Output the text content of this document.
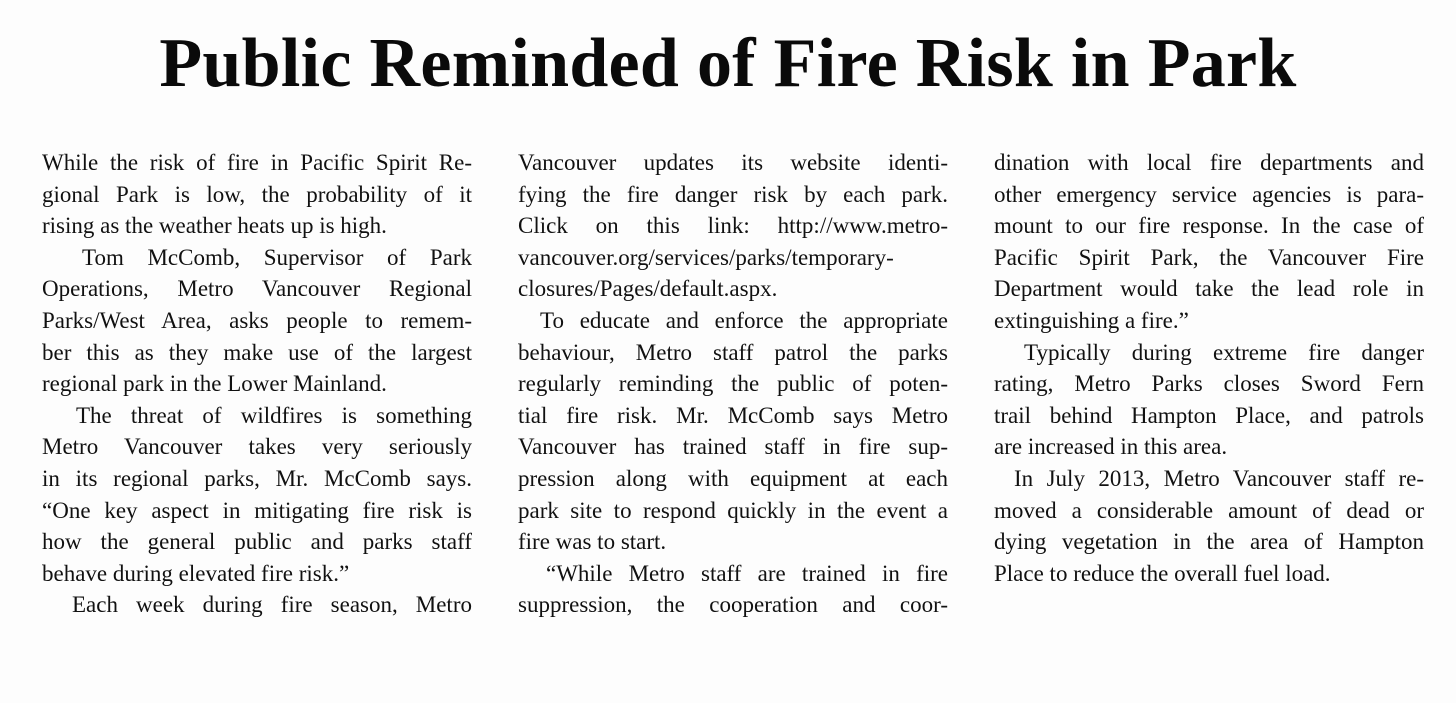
Public Reminded of Fire Risk in Park
While the risk of fire in Pacific Spirit Re-
gional Park is low, the probability of it
rising as the weather heats up is high.
Tom McComb, Supervisor of Park
Operations, Metro Vancouver Regional
Parks/West Area, asks people to remem-
ber this as they make use of the largest
regional park in the Lower Mainland.
The threat of wildfires is something
Metro Vancouver takes very seriously
in its regional parks, Mr. McComb says.
“One key aspect in mitigating fire risk is
how the general public and parks staff
behave during elevated fire risk.”
Each week during fire season, Metro
Vancouver updates its website identi-
fying the fire danger risk by each park.
Click on this link: http://www.metro-
vancouver.org/services/parks/temporary-
closures/Pages/default.aspx.
To educate and enforce the appropriate
behaviour, Metro staff patrol the parks
regularly reminding the public of poten-
tial fire risk. Mr. McComb says Metro
Vancouver has trained staff in fire sup-
pression along with equipment at each
park site to respond quickly in the event a
fire was to start.
“While Metro staff are trained in fire
suppression, the cooperation and coor-
dination with local fire departments and
other emergency service agencies is para-
mount to our fire response. In the case of
Pacific Spirit Park, the Vancouver Fire
Department would take the lead role in
extinguishing a fire.”
Typically during extreme fire danger
rating, Metro Parks closes Sword Fern
trail behind Hampton Place, and patrols
are increased in this area.
In July 2013, Metro Vancouver staff re-
moved a considerable amount of dead or
dying vegetation in the area of Hampton
Place to reduce the overall fuel load.
